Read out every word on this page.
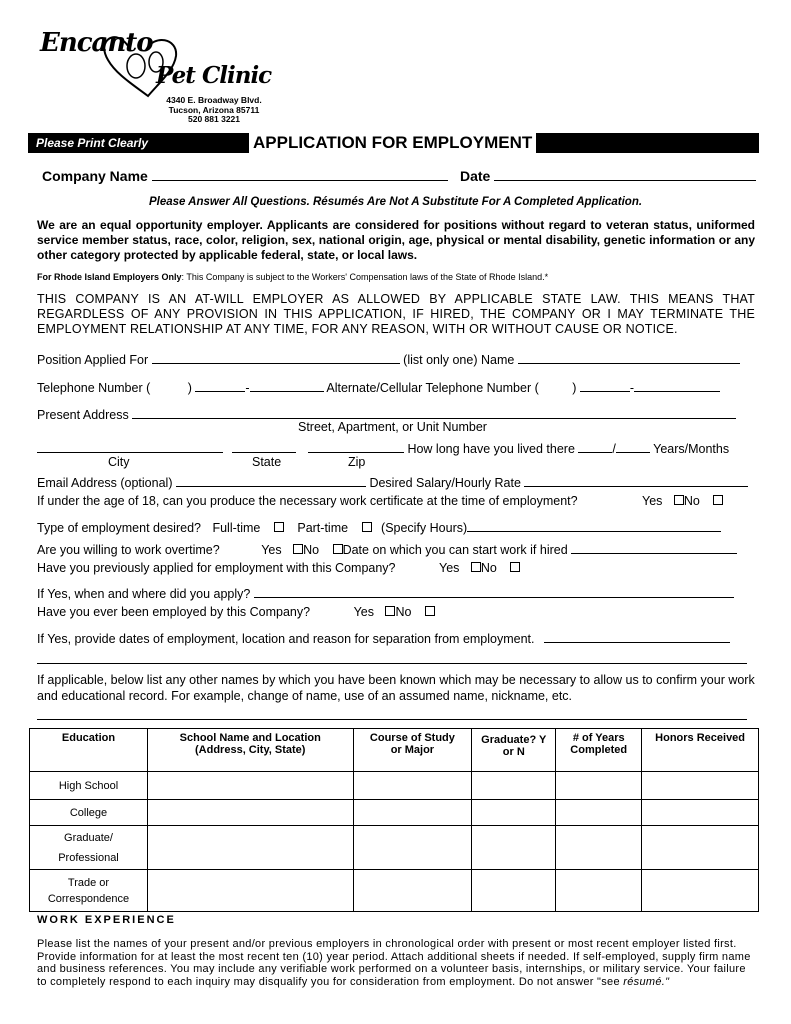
Encanto
Pet Clinic
4340 E. Broadway Blvd.
Tucson, Arizona 85711
520 881 3221
Please Print Clearly	APPLICATION FOR EMPLOYMENT
Company Name	Date
Please Answer All Questions. Résumés Are Not A Substitute For A Completed Application.
We are an equal opportunity employer. Applicants are considered for positions without regard to veteran status, uniformed service member status, race, color, religion, sex, national origin, age, physical or mental disability, genetic information or any other category protected by applicable federal, state, or local laws.
For Rhode Island Employers Only: This Company is subject to the Workers' Compensation laws of the State of Rhode Island.*
THIS COMPANY IS AN AT-WILL EMPLOYER AS ALLOWED BY APPLICABLE STATE LAW. THIS MEANS THAT REGARDLESS OF ANY PROVISION IN THIS APPLICATION, IF HIRED, THE COMPANY OR I MAY TERMINATE THE EMPLOYMENT RELATIONSHIP AT ANY TIME, FOR ANY REASON, WITH OR WITHOUT CAUSE OR NOTICE.
Position Applied For	(list only one) Name
Telephone Number (	)	-	Alternate/Cellular Telephone Number (	)	-
Present Address
Street, Apartment, or Unit Number
How long have you lived there	/	Years/Months
City	State	Zip
Email Address (optional)	Desired Salary/Hourly Rate
If under the age of 18, can you produce the necessary work certificate at the time of employment?	Yes No
Type of employment desired? Full-time	Part-time	(Specify Hours)
Are you willing to work overtime?	Yes No Date on which you can start work if hired
Have you previously applied for employment with this Company?	Yes No
If Yes, when and where did you apply?
Have you ever been employed by this Company?	Yes No
If Yes, provide dates of employment, location and reason for separation from employment.
If applicable, below list any other names by which you have been known which may be necessary to allow us to confirm your work and educational record. For example, change of name, use of an assumed name, nickname, etc.
Education	School Name and Location (Address, City, State)	Course of Study or Major	Graduate? Y or N	# of Years Completed	Honors Received
High School					
College					
Graduate/ Professional					
Trade or Correspondence					
WORK EXPERIENCE
Please list the names of your present and/or previous employers in chronological order with present or most recent employer listed first. Provide information for at least the most recent ten (10) year period. Attach additional sheets if needed. If self-employed, supply firm name and business references. You may include any verifiable work performed on a volunteer basis, internships, or military service. Your failure to completely respond to each inquiry may disqualify you for consideration from employment. Do not answer "see résumé."
